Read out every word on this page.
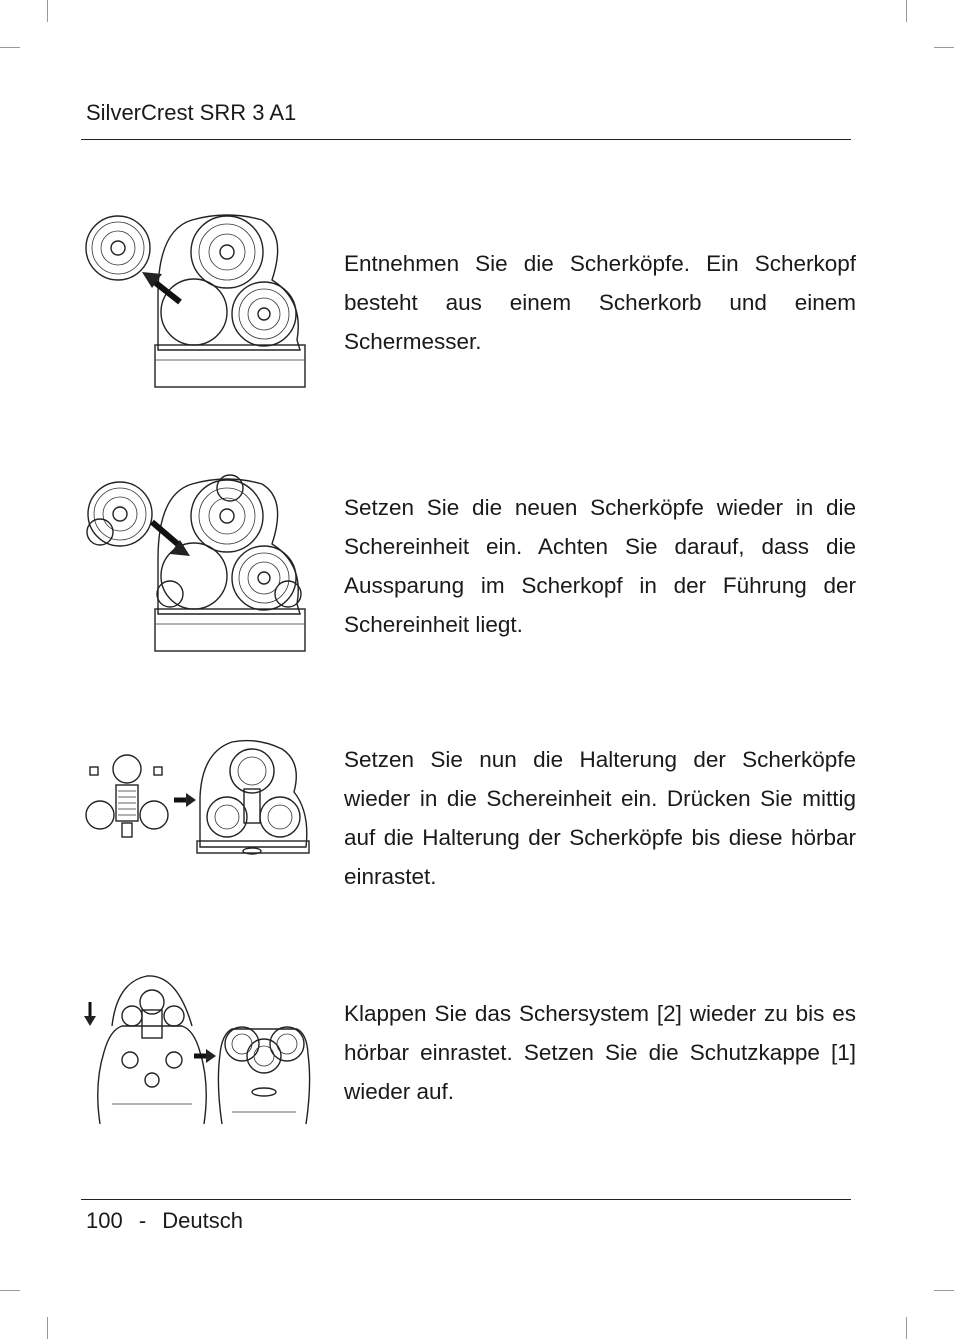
SilverCrest SRR 3 A1
Entnehmen Sie die Scherköpfe. Ein Scherkopf besteht aus einem Scherkorb und einem Schermesser.
Setzen Sie die neuen Scherköpfe wieder in die Schereinheit ein. Achten Sie darauf, dass die Aussparung im Scherkopf in der Führung der Schereinheit liegt.
Setzen Sie nun die Halterung der Scherköpfe wieder in die Schereinheit ein. Drücken Sie mittig auf die Halterung der Scherköpfe bis diese hörbar einrastet.
Klappen Sie das Schersystem [2] wieder zu bis es hörbar einrastet. Setzen Sie die Schutzkappe [1] wieder auf.
100 - Deutsch
